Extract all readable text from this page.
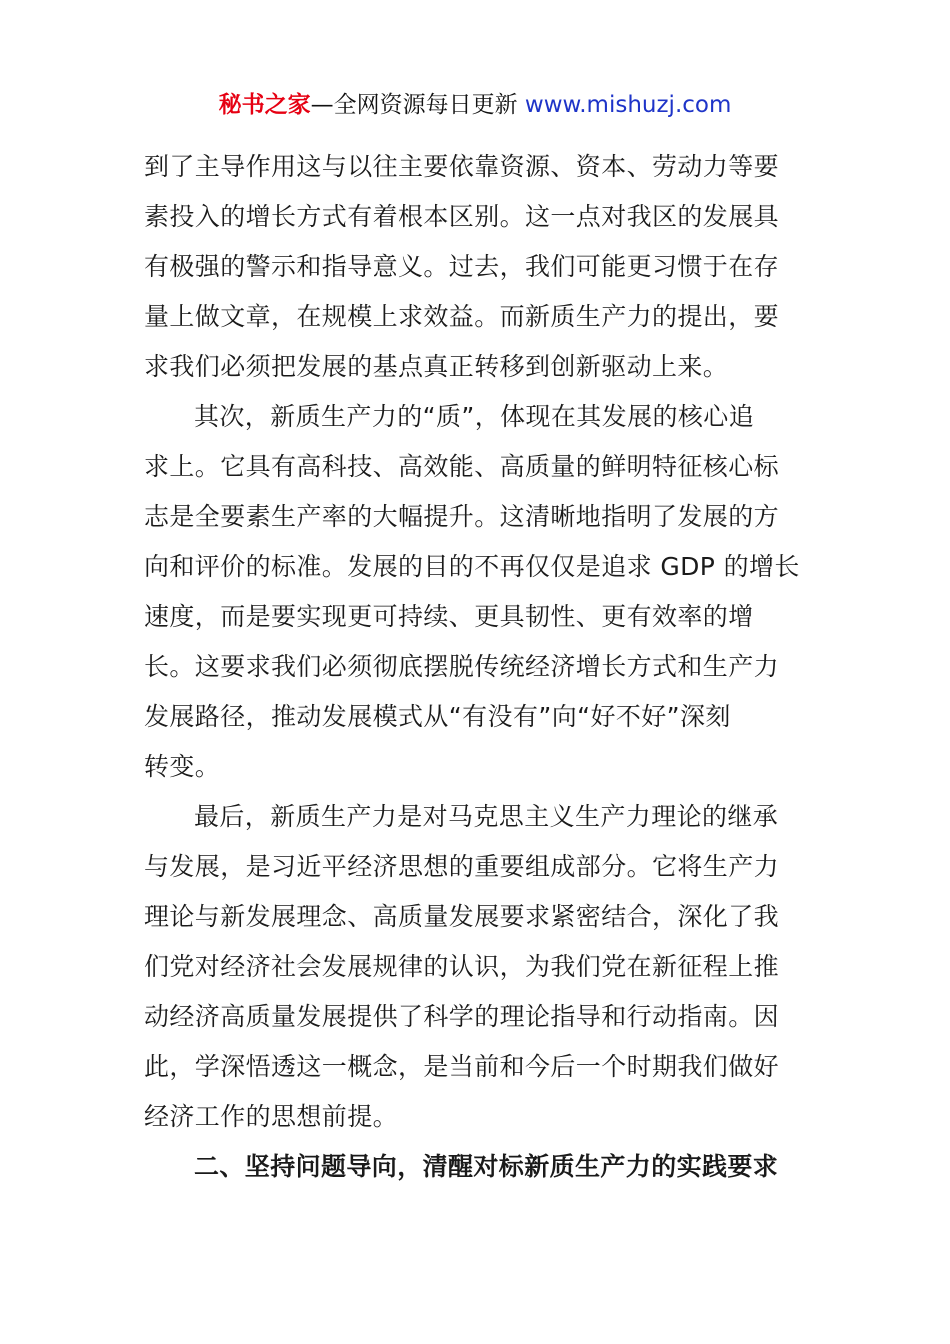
秘书之家—全网资源每日更新 www.mishuzj.com
到了主导作用这与以往主要依靠资源、资本、劳动力等要
素投入的增长方式有着根本区别。这一点对我区的发展具
有极强的警示和指导意义。过去，我们可能更习惯于在存
量上做文章，在规模上求效益。而新质生产力的提出，要
求我们必须把发展的基点真正转移到创新驱动上来。
其次，新质生产力的“质”，体现在其发展的核心追
求上。它具有高科技、高效能、高质量的鲜明特征核心标
志是全要素生产率的大幅提升。这清晰地指明了发展的方
向和评价的标准。发展的目的不再仅仅是追求 GDP 的增长
速度，而是要实现更可持续、更具韧性、更有效率的增
长。这要求我们必须彻底摆脱传统经济增长方式和生产力
发展路径，推动发展模式从“有没有”向“好不好”深刻
转变。
最后，新质生产力是对马克思主义生产力理论的继承
与发展，是习近平经济思想的重要组成部分。它将生产力
理论与新发展理念、高质量发展要求紧密结合，深化了我
们党对经济社会发展规律的认识，为我们党在新征程上推
动经济高质量发展提供了科学的理论指导和行动指南。因
此，学深悟透这一概念，是当前和今后一个时期我们做好
经济工作的思想前提。
二、坚持问题导向，清醒对标新质生产力的实践要求
